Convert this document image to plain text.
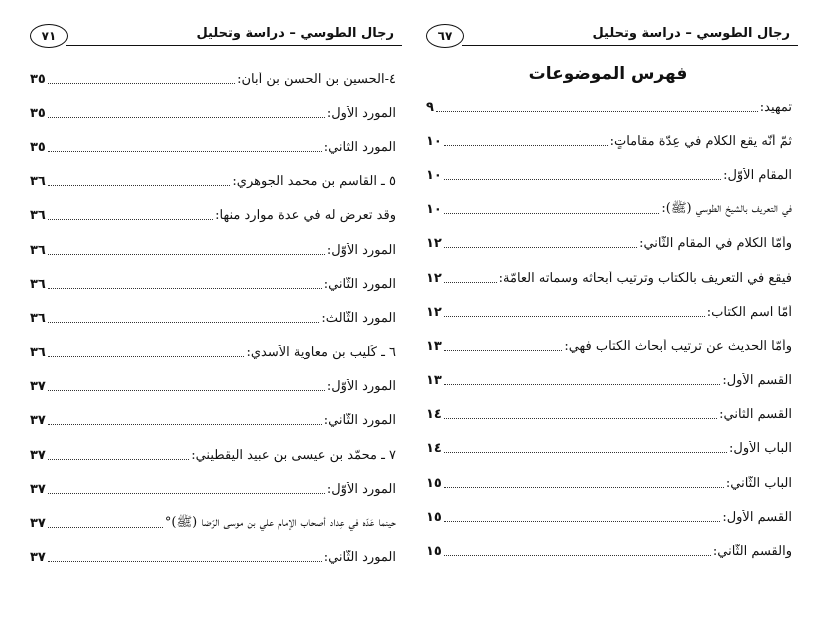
رجال الطوسي – دراسة وتحليل
٧١
٤-الحسين بن الحسن بن أبان:
٣٥
المورد الأول:
٣٥
المورد الثاني:
٣٥
٥ ـ القاسم بن محمد الجوهري:
٣٦
وقد تعرض له في عدة موارد منها:
٣٦
المورد الأوّل:
٣٦
المورد الثّاني:
٣٦
المورد الثّالث:
٣٦
٦ ـ كُليب بن معاوية الأسدي:
٣٦
المورد الأوّل:
٣٧
المورد الثّاني:
٣٧
٧ ـ محمّد بن عيسى بن عبيد اليقطيني:
٣٧
المورد الأوّل:
٣٧
حينما عَدّه في عِداد أصحاب الإمام علي بن موسى الرّضا (ﷺ)°
٣٧
المورد الثّاني:
٣٧
رجال الطوسي – دراسة وتحليل
٦٧
فهرس الموضوعات
تمهيد:
٩
ثمّ أنّه يقع الكلام في عِدّة مقاماتٍ:
١٠
المقام الأوّل:
١٠
في التعريف بالشيخ الطوسي (ﷺ):
١٠
وأمّا الكلام في المقام الثّاني:
١٢
فيقع في التعريف بالكتاب وترتيب أبحاثه وسماته العامّة:
١٢
أمّا اسم الكتاب:
١٢
وأمّا الحديث عن ترتيب أبحاث الكتاب فهي:
١٣
القسم الأول:
١٣
القسم الثاني:
١٤
الباب الأول:
١٤
الباب الثّاني:
١٥
القسم الأول:
١٥
والقسم الثّاني:
١٥
